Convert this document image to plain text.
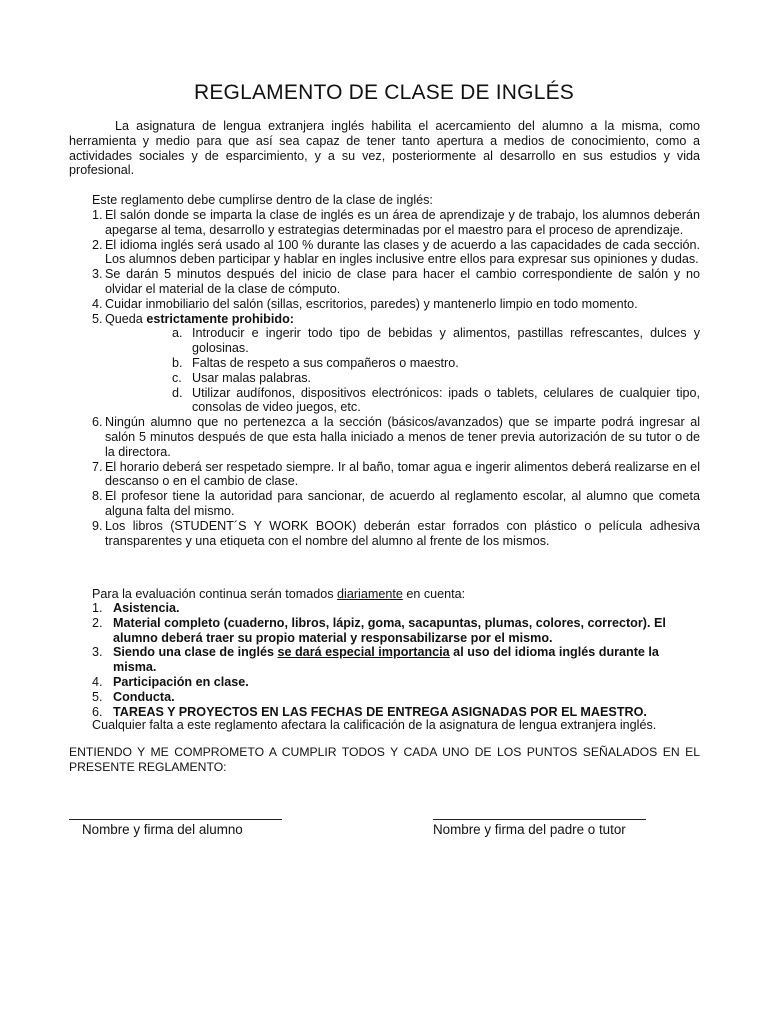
REGLAMENTO DE CLASE DE INGLÉS

La asignatura de lengua extranjera inglés habilita el acercamiento del alumno a la misma, como herramienta y medio para que así sea capaz de tener tanto apertura a medios de conocimiento, como a actividades sociales y de esparcimiento, y a su vez, posteriormente al desarrollo en sus estudios y vida profesional.

Este reglamento debe cumplirse dentro de la clase de inglés:

1. El salón donde se imparta la clase de inglés es un área de aprendizaje y de trabajo, los alumnos deberán apegarse al tema, desarrollo y estrategias determinadas por el maestro para el proceso de aprendizaje.
2. El idioma inglés será usado al 100 % durante las clases y de acuerdo a las capacidades de cada sección. Los alumnos deben participar y hablar en ingles inclusive entre ellos para expresar sus opiniones y dudas.
3. Se darán 5 minutos después del inicio de clase para hacer el cambio correspondiente de salón y no olvidar el material de la clase de cómputo.
4. Cuidar inmobiliario del salón (sillas, escritorios, paredes) y mantenerlo limpio en todo momento.
5. Queda estrictamente prohibido:
a. Introducir e ingerir todo tipo de bebidas y alimentos, pastillas refrescantes, dulces y golosinas.
b. Faltas de respeto a sus compañeros o maestro.
c. Usar malas palabras.
d. Utilizar audífonos, dispositivos electrónicos: ipads o tablets, celulares de cualquier tipo, consolas de video juegos, etc.
6. Ningún alumno que no pertenezca a la sección (básicos/avanzados) que se imparte podrá ingresar al salón 5 minutos después de que esta halla iniciado a menos de tener previa autorización de su tutor o de la directora.
7. El horario deberá ser respetado siempre. Ir al baño, tomar agua e ingerir alimentos deberá realizarse en el descanso o en el cambio de clase.
8. El profesor tiene la autoridad para sancionar, de acuerdo al reglamento escolar, al alumno que cometa alguna falta del mismo.
9. Los libros (STUDENT´S Y WORK BOOK) deberán estar forrados con plástico o película adhesiva transparentes y una etiqueta con el nombre del alumno al frente de los mismos.

Para la evaluación continua serán tomados diariamente en cuenta:

1. Asistencia.
2. Material completo (cuaderno, libros, lápiz, goma, sacapuntas, plumas, colores, corrector). El alumno deberá traer su propio material y responsabilizarse por el mismo.
3. Siendo una clase de inglés se dará especial importancia al uso del idioma inglés durante la misma.
4. Participación en clase.
5. Conducta.
6. TAREAS Y PROYECTOS EN LAS FECHAS DE ENTREGA ASIGNADAS POR EL MAESTRO.

Cualquier falta a este reglamento afectara la calificación de la asignatura de lengua extranjera inglés.

ENTIENDO Y ME COMPROMETO A CUMPLIR TODOS Y CADA UNO DE LOS PUNTOS SEÑALADOS EN EL PRESENTE REGLAMENTO:

Nombre y firma del alumno	Nombre y firma del padre o tutor
